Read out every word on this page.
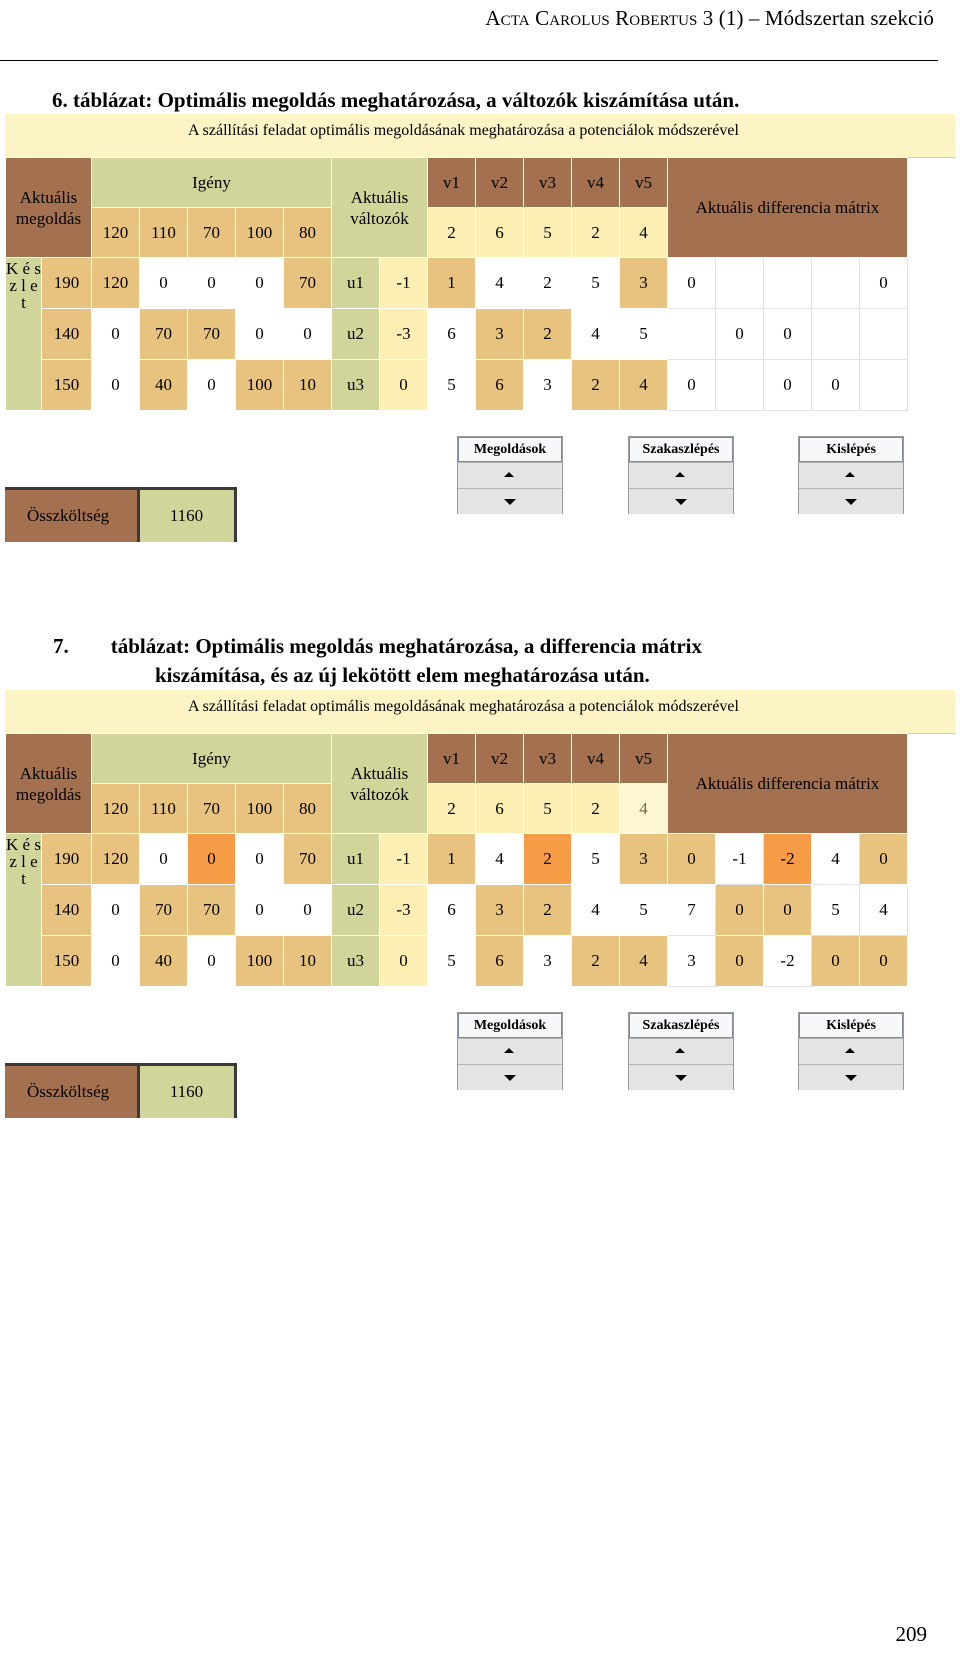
Acta Carolus Robertus 3 (1) – Módszertan szekció
6. táblázat: Optimális megoldás meghatározása, a változók kiszámítása után.
A szállítási feladat optimális megoldásának meghatározása a potenciálok módszerével
Aktuális megoldás		Igény					Aktuális változók		v1	v2	v3	v4	v5	Aktuális differencia mátrix				
		120	110	70	100	80			2	6	5	2	4					
K é s z l e t	190	120	0	0	0	70	u1	-1	1	4	2	5	3	0				0
	140	0	70	70	0	0	u2	-3	6	3	2	4	5		0	0		
	150	0	40	0	100	10	u3	0	5	6	3	2	4	0		0	0	
Összköltség	1160
Megoldások	Szakaszlépés	Kislépés
7.        táblázat: Optimális megoldás meghatározása, a differencia mátrix
kiszámítása, és az új lekötött elem meghatározása után.
A szállítási feladat optimális megoldásának meghatározása a potenciálok módszerével
Aktuális megoldás		Igény					Aktuális változók		v1	v2	v3	v4	v5	Aktuális differencia mátrix				
		120	110	70	100	80			2	6	5	2	4					
K é s z l e t	190	120	0	0	0	70	u1	-1	1	4	2	5	3	0	-1	-2	4	0
	140	0	70	70	0	0	u2	-3	6	3	2	4	5	7	0	0	5	4
	150	0	40	0	100	10	u3	0	5	6	3	2	4	3	0	-2	0	0
Összköltség	1160
Megoldások	Szakaszlépés	Kislépés
209
